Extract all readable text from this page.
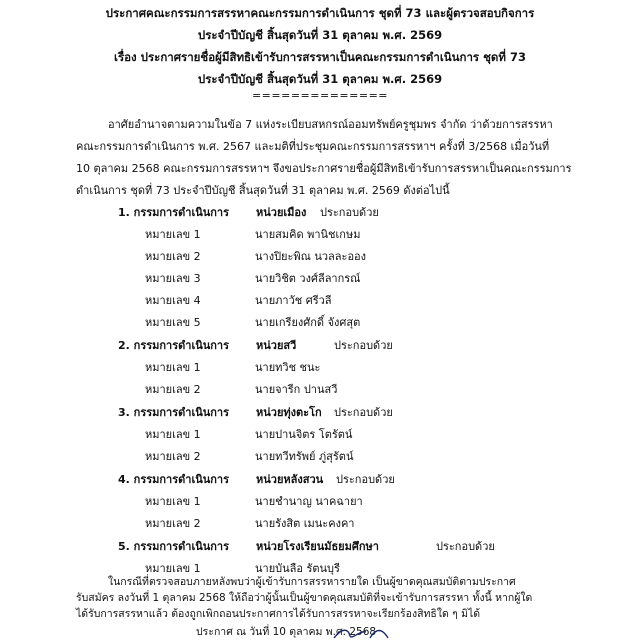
ประกาศคณะกรรมการสรรหาคณะกรรมการดำเนินการ ชุดที่ 73 และผู้ตรวจสอบกิจการ
ประจำปีบัญชี สิ้นสุดวันที่ 31 ตุลาคม พ.ศ. 2569
เรื่อง ประกาศรายชื่อผู้มีสิทธิเข้ารับการสรรหาเป็นคณะกรรมการดำเนินการ ชุดที่ 73
ประจำปีบัญชี สิ้นสุดวันที่ 31 ตุลาคม พ.ศ. 2569
==============
อาศัยอำนาจตามความในข้อ 7 แห่งระเบียบสหกรณ์ออมทรัพย์ครูชุมพร จำกัด ว่าด้วยการสรรหา
คณะกรรมการดำเนินการ พ.ศ. 2567 และมติที่ประชุมคณะกรรมการสรรหาฯ ครั้งที่ 3/2568 เมื่อวันที่
10 ตุลาคม 2568 คณะกรรมการสรรหาฯ จึงขอประกาศรายชื่อผู้มีสิทธิเข้ารับการสรรหาเป็นคณะกรรมการ
ดำเนินการ ชุดที่ 73 ประจำปีบัญชี สิ้นสุดวันที่ 31 ตุลาคม พ.ศ. 2569 ดังต่อไปนี้
1. กรรมการดำเนินการ หน่วยเมือง ประกอบด้วย
หมายเลข 1	นายสมคิด พานิชเกษม
หมายเลข 2	นางปิยะพิณ นวลละออง
หมายเลข 3	นายวิชิต วงศ์ลีลากรณ์
หมายเลข 4	นายภาวัช ศรีวลี
หมายเลข 5	นายเกรียงศักดิ์ จังศสุต
2. กรรมการดำเนินการ หน่วยสวี	ประกอบด้วย
หมายเลข 1	นายทวิช ชนะ
หมายเลข 2	นายจารีก ปานสวี
3. กรรมการดำเนินการ หน่วยทุ่งตะโก ประกอบด้วย
หมายเลข 1	นายปานจิตร โตรัตน์
หมายเลข 2	นายทวีทรัพย์ ภู่สุรัตน์
4. กรรมการดำเนินการ หน่วยหลังสวน ประกอบด้วย
หมายเลข 1	นายชำนาญ นาคฉายา
หมายเลข 2	นายรังสิต เมนะคงคา
5. กรรมการดำเนินการ หน่วยโรงเรียนมัธยมศึกษา	ประกอบด้วย
หมายเลข 1	นายบันลือ รัตนบุรี
ในกรณีที่ตรวจสอบภายหลังพบว่าผู้เข้ารับการสรรหารายใด เป็นผู้ขาดคุณสมบัติตามประกาศ
รับสมัคร ลงวันที่ 1 ตุลาคม 2568 ให้ถือว่าผู้นั้นเป็นผู้ขาดคุณสมบัติที่จะเข้ารับการสรรหา ทั้งนี้ หากผู้ใด
ได้รับการสรรหาแล้ว ต้องถูกเพิกถอนประกาศการได้รับการสรรหาจะเรียกร้องสิทธิใด ๆ มิได้
ประกาศ ณ วันที่ 10 ตุลาคม พ.ศ. 2568
